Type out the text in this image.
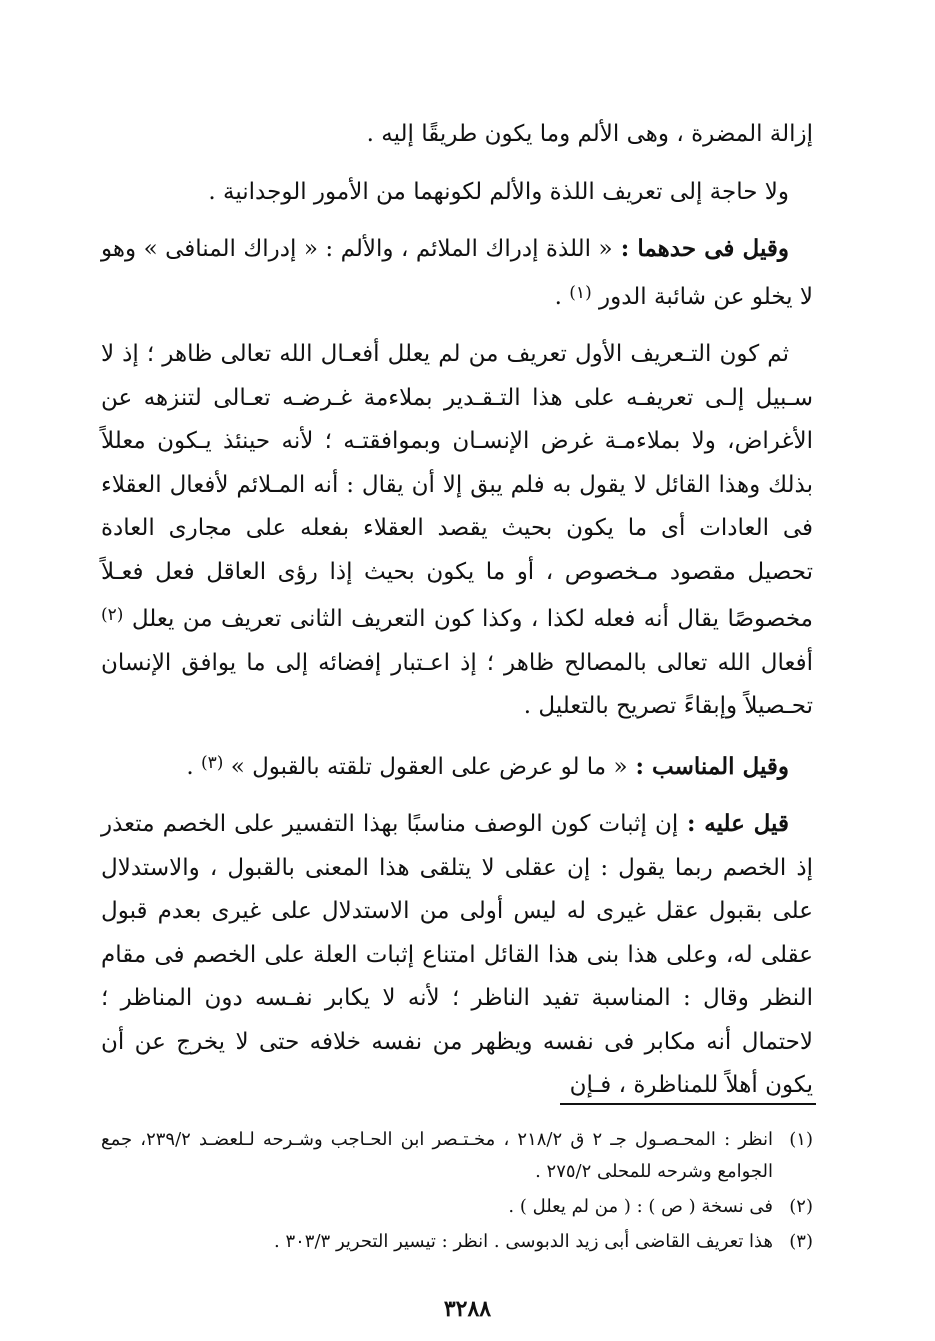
إزالة المضرة ، وهى الألم وما يكون طريقًا إليه .

ولا حاجة إلى تعريف اللذة والألم لكونهما من الأمور الوجدانية .

وقيل فى حدهما : « اللذة إدراك الملائم ، والألم : « إدراك المنافى » وهو لا يخلو عن شائبة الدور $^{(١)}$ .

ثم كون التـعريف الأول تعريف من لم يعلل أفعـال الله تعالى ظاهر ؛ إذ لا سـبيل إلـى تعريفـه على هذا التـقـدير بملاءمة غـرضـه تعـالى لتنزهه عن الأغراض، ولا بملاءمـة غرض الإنسـان وبموافقتـه ؛ لأنه حينئذ يـكون معللاً بذلك وهذا القائل لا يقول به فلم يبق إلا أن يقال : أنه المـلائم لأفعال العقلاء فى العادات أى ما يكون بحيث يقصد العقلاء بفعله على مجارى العادة تحصيل مقصود مـخصوص ، أو ما يكون بحيث إذا رؤى العاقل فعل فعـلاً مخصوصًا يقال أنه فعله لكذا ، وكذا كون التعريف الثانى تعريف من يعلل $^{(٢)}$ أفعال الله تعالى بالمصالح ظاهر ؛ إذ اعـتبار إفضائه إلى ما يوافق الإنسان تحـصيلاً وإبقاءً تصريح بالتعليل .

وقيل المناسب : « ما لو عرض على العقول تلقته بالقبول » $^{(٣)}$ .

قيل عليه : إن إثبات كون الوصف مناسبًا بهذا التفسير على الخصم متعذر إذ الخصم ربما يقول : إن عقلى لا يتلقى هذا المعنى بالقبول ، والاستدلال على بقبول عقل غيرى له ليس أولى من الاستدلال على غيرى بعدم قبول عقلى له، وعلى هذا بنى هذا القائل امتناع إثبات العلة على الخصم فى مقام النظر وقال : المناسبة تفيد الناظر ؛ لأنه لا يكابر نفـسه دون المناظر ؛ لاحتمال أنه مكابر فى نفسه ويظهر من نفسه خلافه حتى لا يخرج عن أن يكون أهلاً للمناظرة ، فـإن

(١)
انظر : المحـصـول جـ ٢ ق ٢١٨/٢ ، مخـتـصر ابن الحـاجب وشـرحه لـلعضـد ٢٣٩/٢، جمع الجوامع وشرحه للمحلى ٢٧٥/٢ .
(٢)
فى نسخة ( ص ) : ( من لم يعلل ) .
(٣)
هذا تعريف القاضى أبى زيد الدبوسى . انظر : تيسير التحرير ٣٠٣/٣ .
٣٢٨٨
